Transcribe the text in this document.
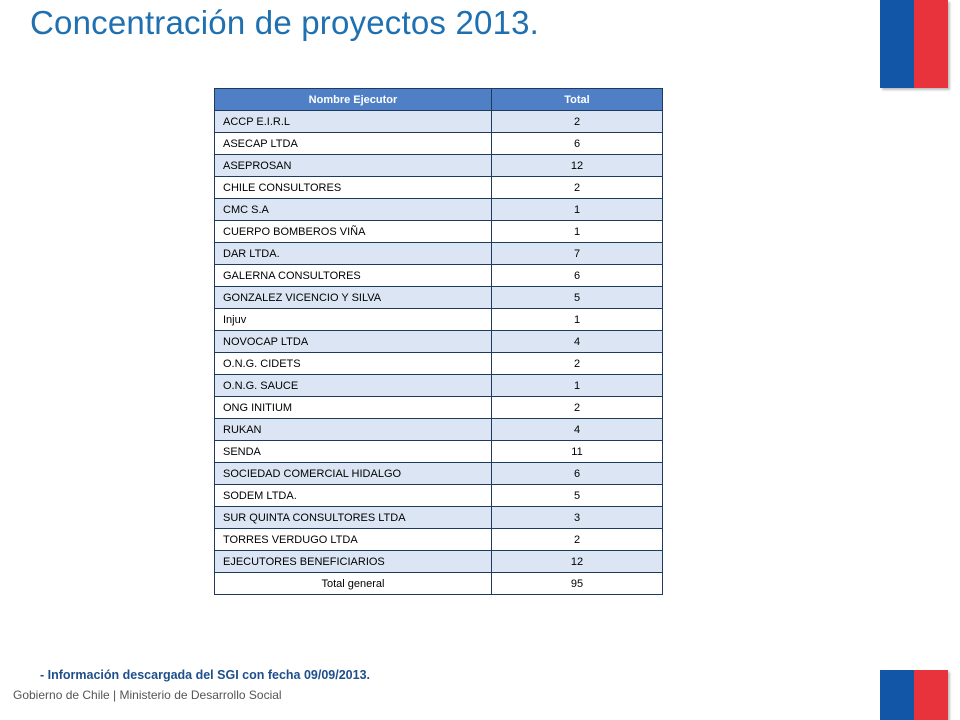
Concentración de proyectos 2013.
Nombre Ejecutor	Total
ACCP E.I.R.L	2
ASECAP LTDA	6
ASEPROSAN	12
CHILE CONSULTORES	2
CMC S.A	1
CUERPO BOMBEROS VIÑA	1
DAR LTDA.	7
GALERNA CONSULTORES	6
GONZALEZ VICENCIO Y SILVA	5
Injuv	1
NOVOCAP LTDA	4
O.N.G. CIDETS	2
O.N.G. SAUCE	1
ONG INITIUM	2
RUKAN	4
SENDA	11
SOCIEDAD COMERCIAL HIDALGO	6
SODEM LTDA.	5
SUR QUINTA CONSULTORES LTDA	3
TORRES VERDUGO LTDA	2
EJECUTORES BENEFICIARIOS	12
Total general	95
- Información descargada del SGI con fecha 09/09/2013.
Gobierno de Chile | Ministerio de Desarrollo Social
